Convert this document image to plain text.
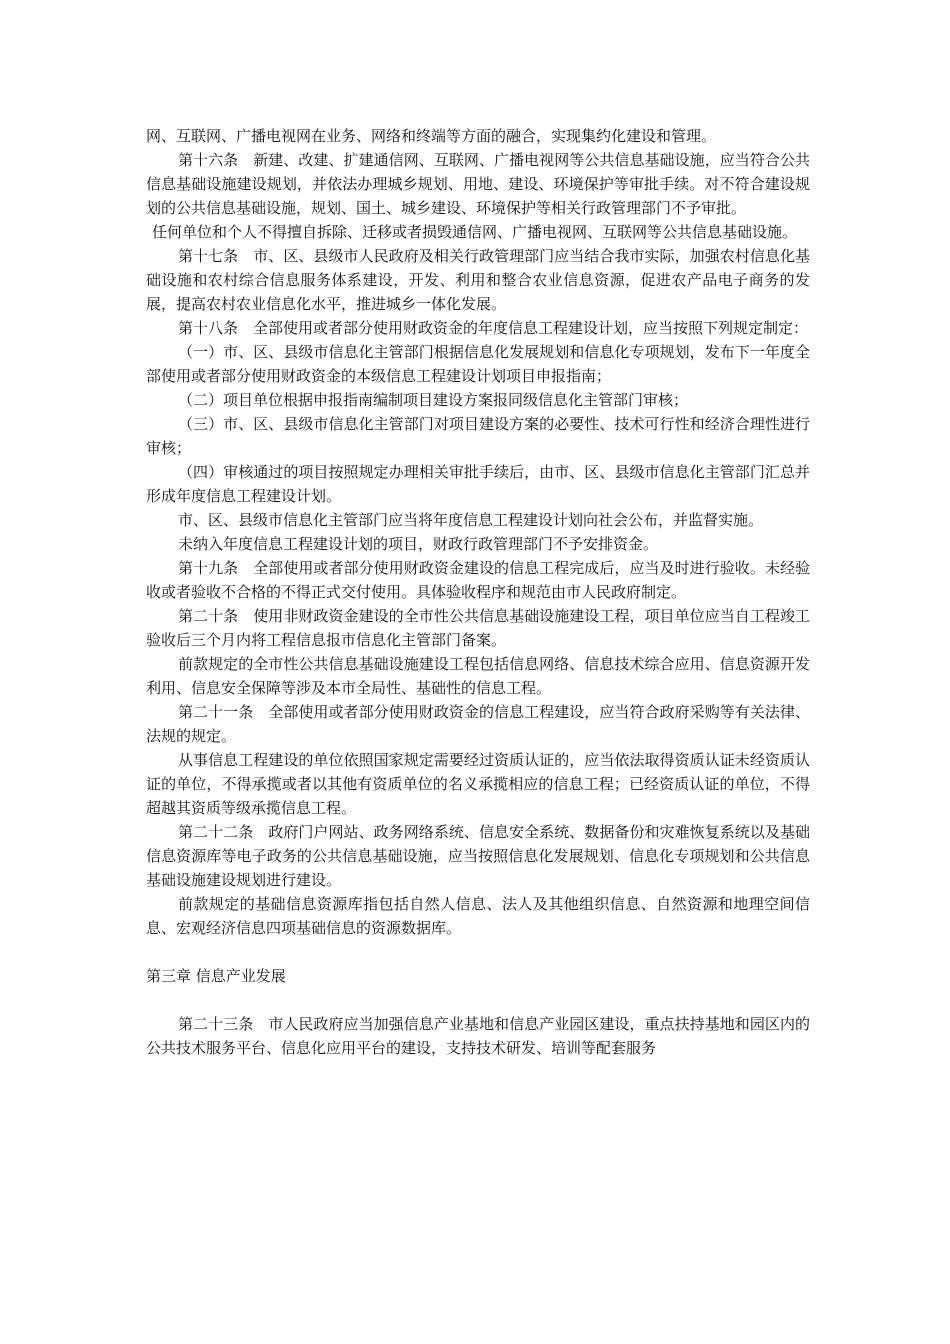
网、互联网、广播电视网在业务、网络和终端等方面的融合，实现集约化建设和管理。

第十六条　新建、改建、扩建通信网、互联网、广播电视网等公共信息基础设施，应当符合公共信息基础设施建设规划，并依法办理城乡规划、用地、建设、环境保护等审批手续。对不符合建设规划的公共信息基础设施，规划、国土、城乡建设、环境保护等相关行政管理部门不予审批。

任何单位和个人不得擅自拆除、迁移或者损毁通信网、广播电视网、互联网等公共信息基础设施。

第十七条　市、区、县级市人民政府及相关行政管理部门应当结合我市实际，加强农村信息化基础设施和农村综合信息服务体系建设，开发、利用和整合农业信息资源，促进农产品电子商务的发展，提高农村农业信息化水平，推进城乡一体化发展。

第十八条　全部使用或者部分使用财政资金的年度信息工程建设计划，应当按照下列规定制定：

（一）市、区、县级市信息化主管部门根据信息化发展规划和信息化专项规划，发布下一年度全部使用或者部分使用财政资金的本级信息工程建设计划项目申报指南；

（二）项目单位根据申报指南编制项目建设方案报同级信息化主管部门审核；

（三）市、区、县级市信息化主管部门对项目建设方案的必要性、技术可行性和经济合理性进行审核；

（四）审核通过的项目按照规定办理相关审批手续后，由市、区、县级市信息化主管部门汇总并形成年度信息工程建设计划。

市、区、县级市信息化主管部门应当将年度信息工程建设计划向社会公布，并监督实施。

未纳入年度信息工程建设计划的项目，财政行政管理部门不予安排资金。

第十九条　全部使用或者部分使用财政资金建设的信息工程完成后，应当及时进行验收。未经验收或者验收不合格的不得正式交付使用。具体验收程序和规范由市人民政府制定。

第二十条　使用非财政资金建设的全市性公共信息基础设施建设工程，项目单位应当自工程竣工验收后三个月内将工程信息报市信息化主管部门备案。

前款规定的全市性公共信息基础设施建设工程包括信息网络、信息技术综合应用、信息资源开发利用、信息安全保障等涉及本市全局性、基础性的信息工程。

第二十一条　全部使用或者部分使用财政资金的信息工程建设，应当符合政府采购等有关法律、法规的规定。

从事信息工程建设的单位依照国家规定需要经过资质认证的，应当依法取得资质认证未经资质认证的单位，不得承揽或者以其他有资质单位的名义承揽相应的信息工程；已经资质认证的单位，不得超越其资质等级承揽信息工程。

第二十二条　政府门户网站、政务网络系统、信息安全系统、数据备份和灾难恢复系统以及基础信息资源库等电子政务的公共信息基础设施，应当按照信息化发展规划、信息化专项规划和公共信息基础设施建设规划进行建设。

前款规定的基础信息资源库指包括自然人信息、法人及其他组织信息、自然资源和地理空间信息、宏观经济信息四项基础信息的资源数据库。

第三章 信息产业发展

第二十三条　市人民政府应当加强信息产业基地和信息产业园区建设，重点扶持基地和园区内的公共技术服务平台、信息化应用平台的建设，支持技术研发、培训等配套服务
